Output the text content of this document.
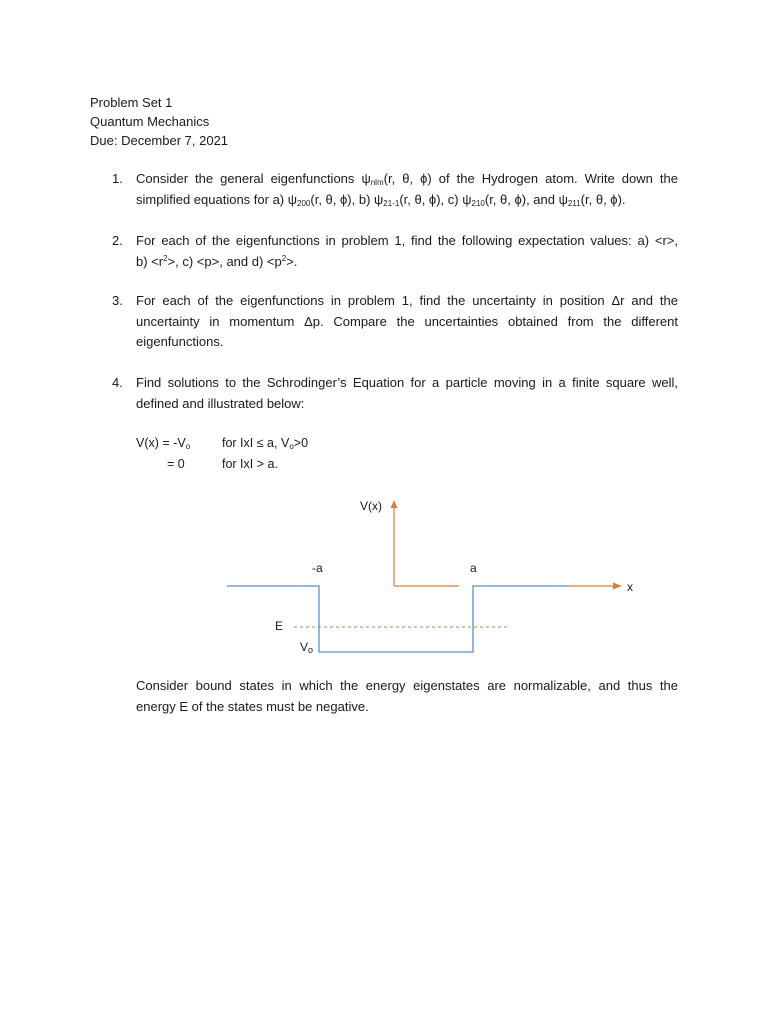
Problem Set 1
Quantum Mechanics
Due: December 7, 2021
1.	Consider the general eigenfunctions $\psi_{nlm}(r$, θ, ϕ) of the Hydrogen atom. Write down the
simplified equations for a) $\psi_{200}(r$, θ, ϕ), b) $\psi_{21-1}(r$, θ, ϕ), c) $\psi_{210}(r$, θ, ϕ), and $\psi_{211}(r$, θ, ϕ).
2.	For each of the eigenfunctions in problem 1, find the following expectation values: a) <r>,
$b) <r^2>$, c) <p>, and $d) <p^2>$.
3.	For each of the eigenfunctions in problem 1, find the uncertainty in position Δr and the uncertainty in momentum Δp. Compare the uncertainties obtained from the different eigenfunctions.
4.	Find solutions to the Schrodinger’s Equation for a particle moving in a finite square well, defined and illustrated below:
$V(x) = -V_o$	for IxI ≤ a, $V_o>0$
= 0	for IxI > a.
V(x)
x
-a	a
E
Vo
Consider bound states in which the energy eigenstates are normalizable, and thus the
energy E of the states must be negative.
